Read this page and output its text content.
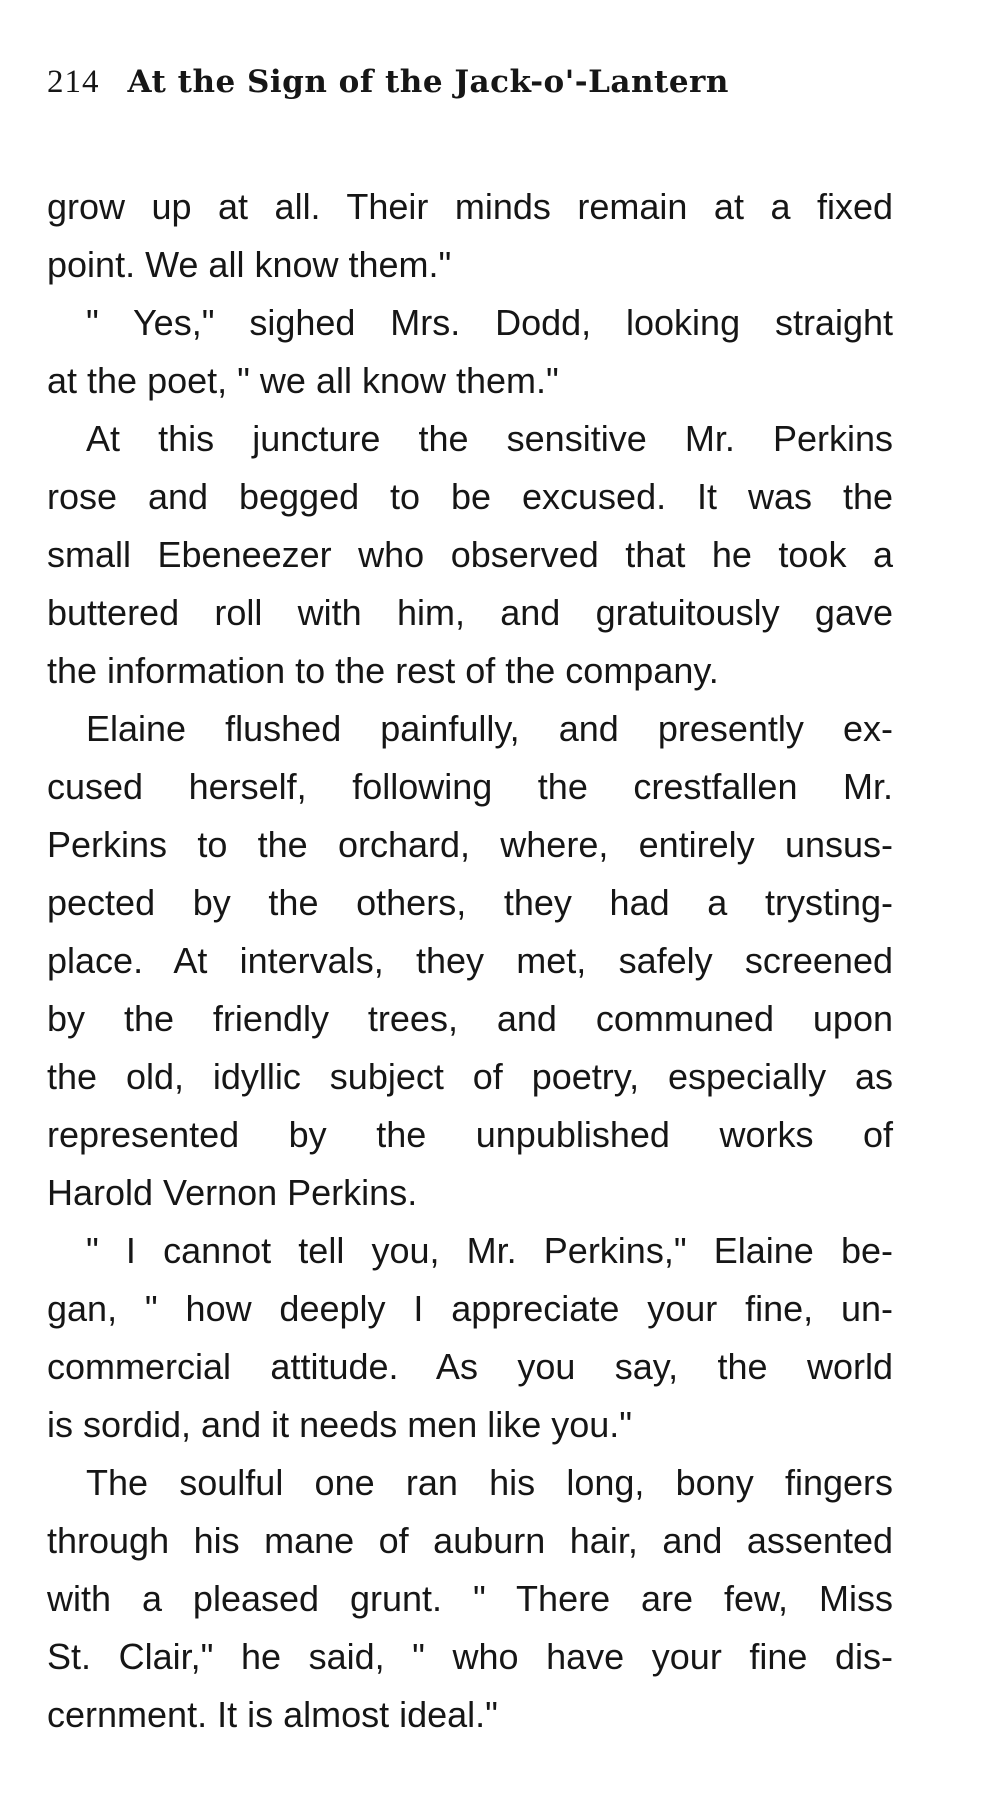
214 At the Sign of the Jack-o'-Lantern
grow up at all. Their minds remain at a fixed
point. We all know them."
" Yes," sighed Mrs. Dodd, looking straight
at the poet, " we all know them."
At this juncture the sensitive Mr. Perkins
rose and begged to be excused. It was the
small Ebeneezer who observed that he took a
buttered roll with him, and gratuitously gave
the information to the rest of the company.
Elaine flushed painfully, and presently ex-
cused herself, following the crestfallen Mr.
Perkins to the orchard, where, entirely unsus-
pected by the others, they had a trysting-
place. At intervals, they met, safely screened
by the friendly trees, and communed upon
the old, idyllic subject of poetry, especially as
represented by the unpublished works of
Harold Vernon Perkins.
" I cannot tell you, Mr. Perkins," Elaine be-
gan, " how deeply I appreciate your fine, un-
commercial attitude. As you say, the world
is sordid, and it needs men like you."
The soulful one ran his long, bony fingers
through his mane of auburn hair, and assented
with a pleased grunt. " There are few, Miss
St. Clair," he said, " who have your fine dis-
cernment. It is almost ideal."
